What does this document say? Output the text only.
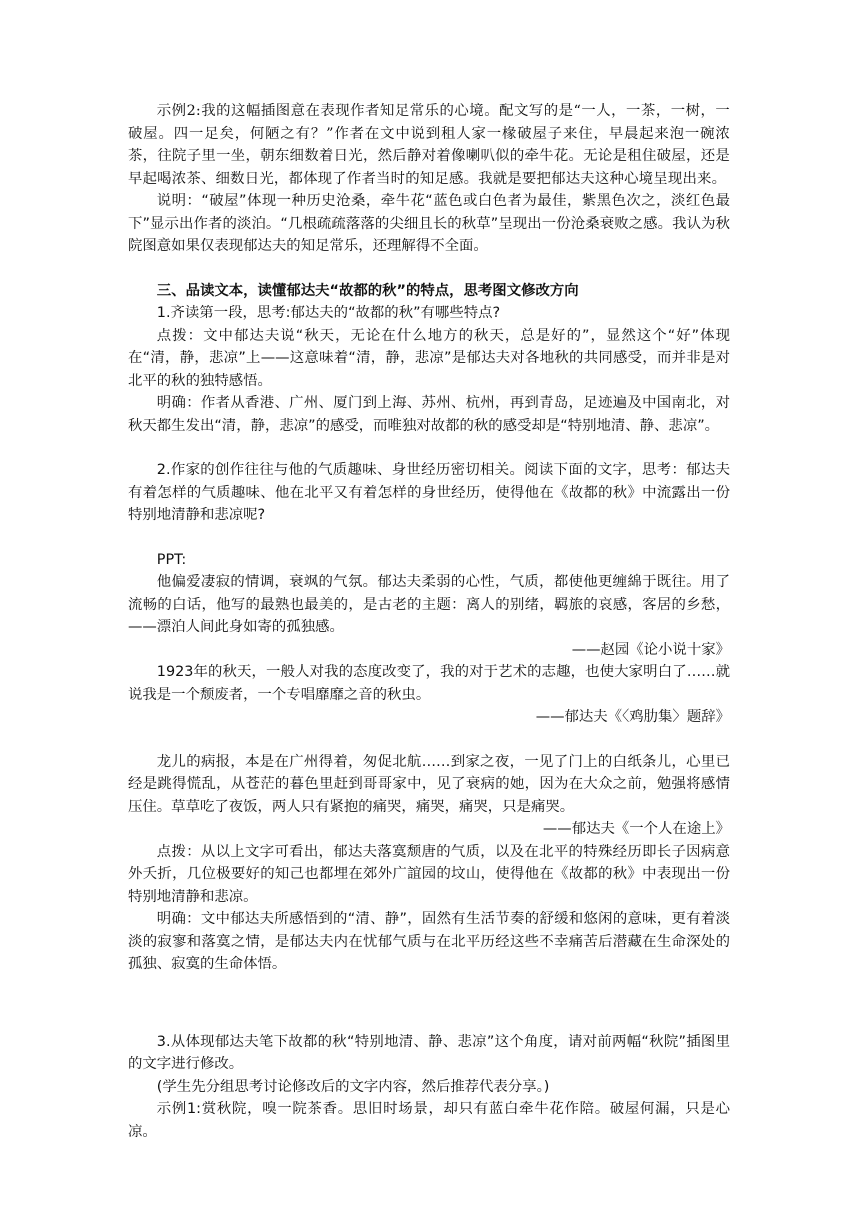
示例2:我的这幅插图意在表现作者知足常乐的心境。配文写的是“一人，一茶，一树，一破屋。四一足矣，何陋之有？”作者在文中说到租人家一椽破屋子来住，早晨起来泡一碗浓茶，往院子里一坐，朝东细数着日光，然后静对着像喇叭似的牵牛花。无论是租住破屋，还是早起喝浓茶、细数日光，都体现了作者当时的知足感。我就是要把郁达夫这种心境呈现出来。

说明：“破屋”体现一种历史沧桑，牵牛花“蓝色或白色者为最佳，紫黑色次之，淡红色最下”显示出作者的淡泊。“几根疏疏落落的尖细且长的秋草”呈现出一份沧桑衰败之感。我认为秋院图意如果仅表现郁达夫的知足常乐，还理解得不全面。

三、品读文本，读懂郁达夫“故都的秋”的特点，思考图文修改方向

1.齐读第一段，思考:郁达夫的“故都的秋”有哪些特点?

点拨：文中郁达夫说“秋天，无论在什么地方的秋天，总是好的”，显然这个“好”体现在“清，静，悲凉”上——这意味着“清，静，悲凉”是郁达夫对各地秋的共同感受，而并非是对北平的秋的独特感悟。

明确：作者从香港、广州、厦门到上海、苏州、杭州，再到青岛，足迹遍及中国南北，对秋天都生发出“清，静，悲凉”的感受，而唯独对故都的秋的感受却是“特别地清、静、悲凉”。

2.作家的创作往往与他的气质趣味、身世经历密切相关。阅读下面的文字，思考：郁达夫有着怎样的气质趣味、他在北平又有着怎样的身世经历，使得他在《故都的秋》中流露出一份特别地清静和悲凉呢?

PPT:

他偏爱凄寂的情调，衰飒的气氛。郁达夫柔弱的心性，气质，都使他更缠綿于既往。用了流畅的白话，他写的最熟也最美的，是古老的主题：离人的别绪，羁旅的哀感，客居的乡愁，——漂泊人间此身如寄的孤独感。

——赵园《论小说十家》

1923年的秋天，一般人对我的态度改变了，我的对于艺术的志趣，也使大家明白了……就说我是一个颓废者，一个专唱靡靡之音的秋虫。

——郁达夫《〈鸡肋集〉题辞》

龙儿的病报，本是在广州得着，匆促北航……到家之夜，一见了门上的白纸条儿，心里已经是跳得慌乱，从苍茫的暮色里赶到哥哥家中，见了衰病的她，因为在大众之前，勉强将感情压住。草草吃了夜饭，两人只有紧抱的痛哭，痛哭，痛哭，只是痛哭。

——郁达夫《一个人在途上》

点拨：从以上文字可看出，郁达夫落寞颓唐的气质，以及在北平的特殊经历即长子因病意外夭折，几位极要好的知己也都埋在郊外广誼园的坟山，使得他在《故都的秋》中表现出一份特别地清静和悲凉。

明确：文中郁达夫所感悟到的“清、静”，固然有生活节奏的舒缓和悠闲的意味，更有着淡淡的寂寥和落寞之情，是郁达夫内在忧郁气质与在北平历经这些不幸痛苦后潜藏在生命深处的孤独、寂寞的生命体悟。

3.从体现郁达夫笔下故都的秋“特别地清、静、悲凉”这个角度，请对前两幅“秋院”插图里的文字进行修改。

(学生先分组思考讨论修改后的文字内容，然后推荐代表分享。)

示例1:赏秋院，嗅一院茶香。思旧时场景，却只有蓝白牵牛花作陪。破屋何漏，只是心凉。
